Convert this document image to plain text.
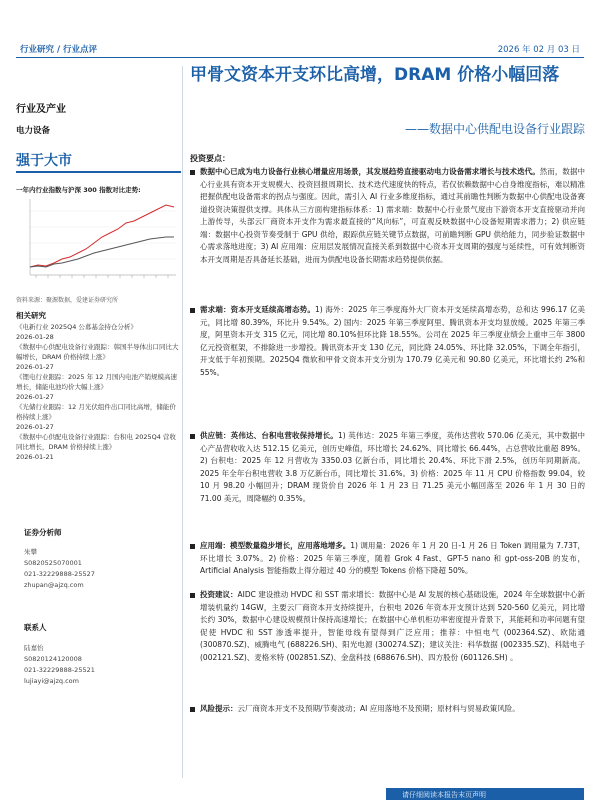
行业研究 / 行业点评	2026 年 02 月 03 日
甲骨文资本开支环比高增，DRAM 价格小幅回落
——数据中心供配电设备行业跟踪
行业及产业
电力设备
强于大市
一年内行业指数与沪深 300 指数对比走势:
资料来源：聚源数据，爱建证券研究所
相关研究
《电新行业 2025Q4 公募基金持仓分析》
2026-01-28
《数据中心供配电设备行业跟踪：韩国半导体出口同比大幅增长，DRAM 价格持续上涨》
2026-01-27
《锂电行业跟踪：2025 年 12 月国内电池产销规模高速增长，储能电池均价大幅上涨》
2026-01-27
《光储行业跟踪：12 月光伏组件出口同比高增，储能价格持续上涨》
2026-01-27
《数据中心供配电设备行业跟踪：台积电 2025Q4 营收同比增长，DRAM 价格持续上涨》
2026-01-21
证券分析师
朱攀
S0820525070001
021-32229888-25527
zhupan@ajzq.com
联系人
陆嘉怡
S0820124120008
021-32229888-25521
lujiayi@ajzq.com
投资要点：

数据中心已成为电力设备行业核心增量应用场景，其发展趋势直接驱动电力设备需求增长与技术迭代。然而，数据中心行业具有资本开支规模大、投资回报周期长、技术迭代速度快的特点，若仅依赖数据中心自身维度指标，难以精准把握供配电设备需求的拐点与强度。因此，需引入 AI 行业多维度指标，通过其前瞻性判断为数据中心供配电设备赛道投资决策提供支撑。具体从三方面构建指标体系：1) 需求端：数据中心行业景气度由下游资本开支直接驱动并向上游传导，头部云厂商资本开支作为需求最直接的“风向标”，可直观反映数据中心设备短期需求潜力；2) 供应链端：数据中心投资节奏受制于 GPU 供给，跟踪供应链关键节点数据，可前瞻判断 GPU 供给能力，同步验证数据中心需求落地进度；3) AI 应用端：应用层发展情况直接关系到数据中心资本开支周期的强度与延续性，可有效判断资本开支周期是否具备延长基础，进而为供配电设备长期需求趋势提供依据。

需求端：资本开支延续高增态势。1) 海外：2025 年三季度海外大厂资本开支延续高增态势，总和达 996.17 亿美元，同比增 80.39%，环比升 9.54%。2) 国内：2025 年第三季度阿里、腾讯资本开支均显放缓。2025 年第三季度，阿里资本开支 315 亿元，同比增 80.10%但环比降 18.55%。公司在 2025 年三季度业绩会上重申三年 3800 亿元投资框架，不排除进一步增投。腾讯资本开支 130 亿元，同比降 24.05%、环比降 32.05%，下调全年指引，开支低于年初预期。2025Q4 微软和甲骨文资本开支分别为 170.79 亿美元和 90.80 亿美元，环比增长约 2%和 55%。

供应链：英伟达、台积电营收保持增长。1) 英伟达：2025 年第三季度，英伟达营收 570.06 亿美元，其中数据中心产品营收收入达 512.15 亿美元，创历史峰值，环比增长 24.62%、同比增长 66.44%，占总营收比重超 89%。2) 台积电：2025 年 12 月营收为 3350.03 亿新台币，同比增长 20.4%、环比下滑 2.5%，创历年同期新高。2025 年全年台积电营收 3.8 万亿新台币，同比增长 31.6%。3) 价格：2025 年 11 月 CPU 价格指数 99.04，较 10 月 98.20 小幅回升；DRAM 现货价自 2026 年 1 月 23 日 71.25 美元小幅回落至 2026 年 1 月 30 日的 71.00 美元，周降幅约 0.35%。

应用端：模型数量稳步增长，应用落地增多。1) 调用量：2026 年 1 月 20 日-1 月 26 日 Token 调用量为 7.73T，环比增长 3.07%。2) 价格：2025 年第三季度，随着 Grok 4 Fast、GPT-5 nano 和 gpt-oss-20B 的发布，Artificial Analysis 智能指数上得分超过 40 分的模型 Tokens 价格下降超 50%。

投资建议：AIDC 建设推动 HVDC 和 SST 需求增长：数据中心是 AI 发展的核心基础设施，2024 年全球数据中心新增装机量约 14GW，主要云厂商资本开支持续提升，台积电 2026 年资本开支预计达到 520-560 亿美元，同比增长约 30%，数据中心建设规模预计保持高速增长；在数据中心单机柜功率密度提升背景下，其能耗和功率问题有望促使 HVDC 和 SST 渗透率提升，智能母线有望得到广泛应用；推荐：中恒电气 (002364.SZ)、欧陆通 (300870.SZ)、威腾电气 (688226.SH)、阳光电源 (300274.SZ)；建议关注：科华数据 (002335.SZ)、科陆电子 (002121.SZ)、麦格米特 (002851.SZ)、金盘科技 (688676.SH)、四方股份 (601126.SH) 。

风险提示：云厂商资本开支不及预期/节奏波动；AI 应用落地不及预期；原材料与贸易政策风险。

请仔细阅读本报告末页声明
